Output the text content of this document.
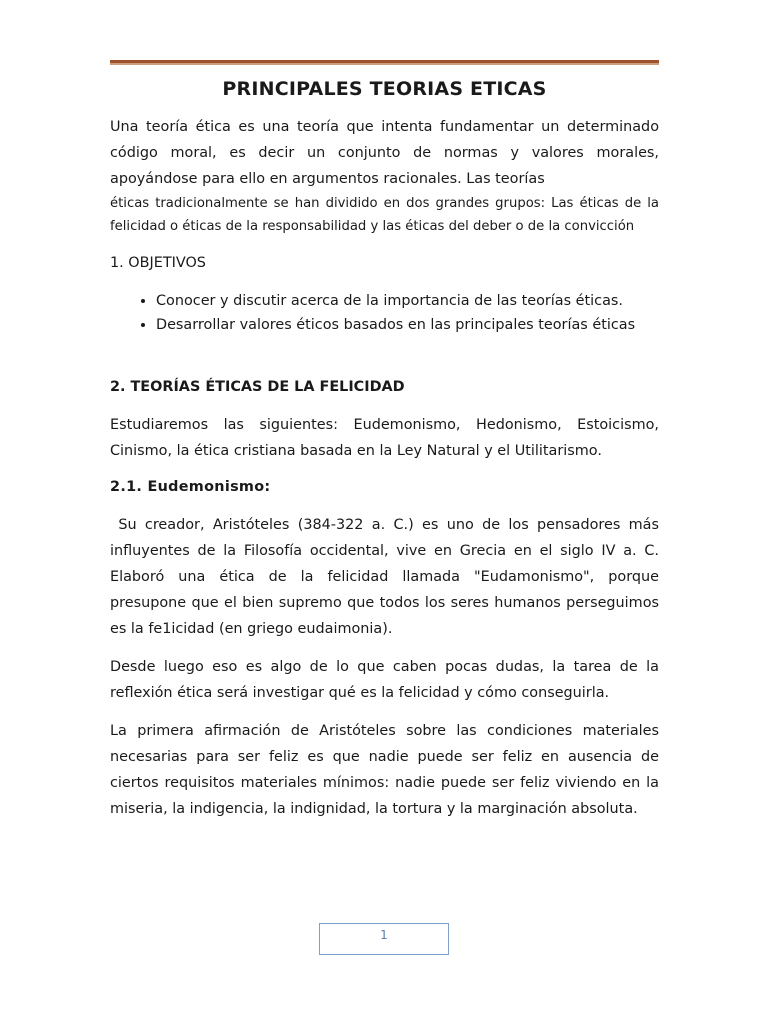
PRINCIPALES TEORIAS ETICAS

Una teoría ética es una teoría que intenta fundamentar un determinado código moral, es decir un conjunto de normas y valores morales, apoyándose para ello en argumentos racionales. Las teorías
éticas tradicionalmente se han dividido en dos grandes grupos: Las éticas de la felicidad o éticas de la responsabilidad y las éticas del deber o de la convicción

1. OBJETIVOS
• Conocer y discutir acerca de la importancia de las teorías éticas.
• Desarrollar valores éticos basados en las principales teorías éticas
2. TEORÍAS ÉTICAS DE LA FELICIDAD

Estudiaremos las siguientes: Eudemonismo, Hedonismo, Estoicismo, Cinismo, la ética cristiana basada en la Ley Natural y el Utilitarismo.

2.1. Eudemonismo:

Su creador, Aristóteles (384-322 a. C.) es uno de los pensadores más influyentes de la Filosofía occidental, vive en Grecia en el siglo IV a. C. Elaboró una ética de la felicidad llamada "Eudamonismo", porque presupone que el bien supremo que todos los seres humanos perseguimos es la fe1icidad (en griego eudaimonia).

Desde luego eso es algo de lo que caben pocas dudas, la tarea de la reflexión ética será investigar qué es la felicidad y cómo conseguirla.

La primera afirmación de Aristóteles sobre las condiciones materiales necesarias para ser feliz es que nadie puede ser feliz en ausencia de ciertos requisitos materiales mínimos: nadie puede ser feliz viviendo en la miseria, la indigencia, la indignidad, la tortura y la marginación absoluta.

1
